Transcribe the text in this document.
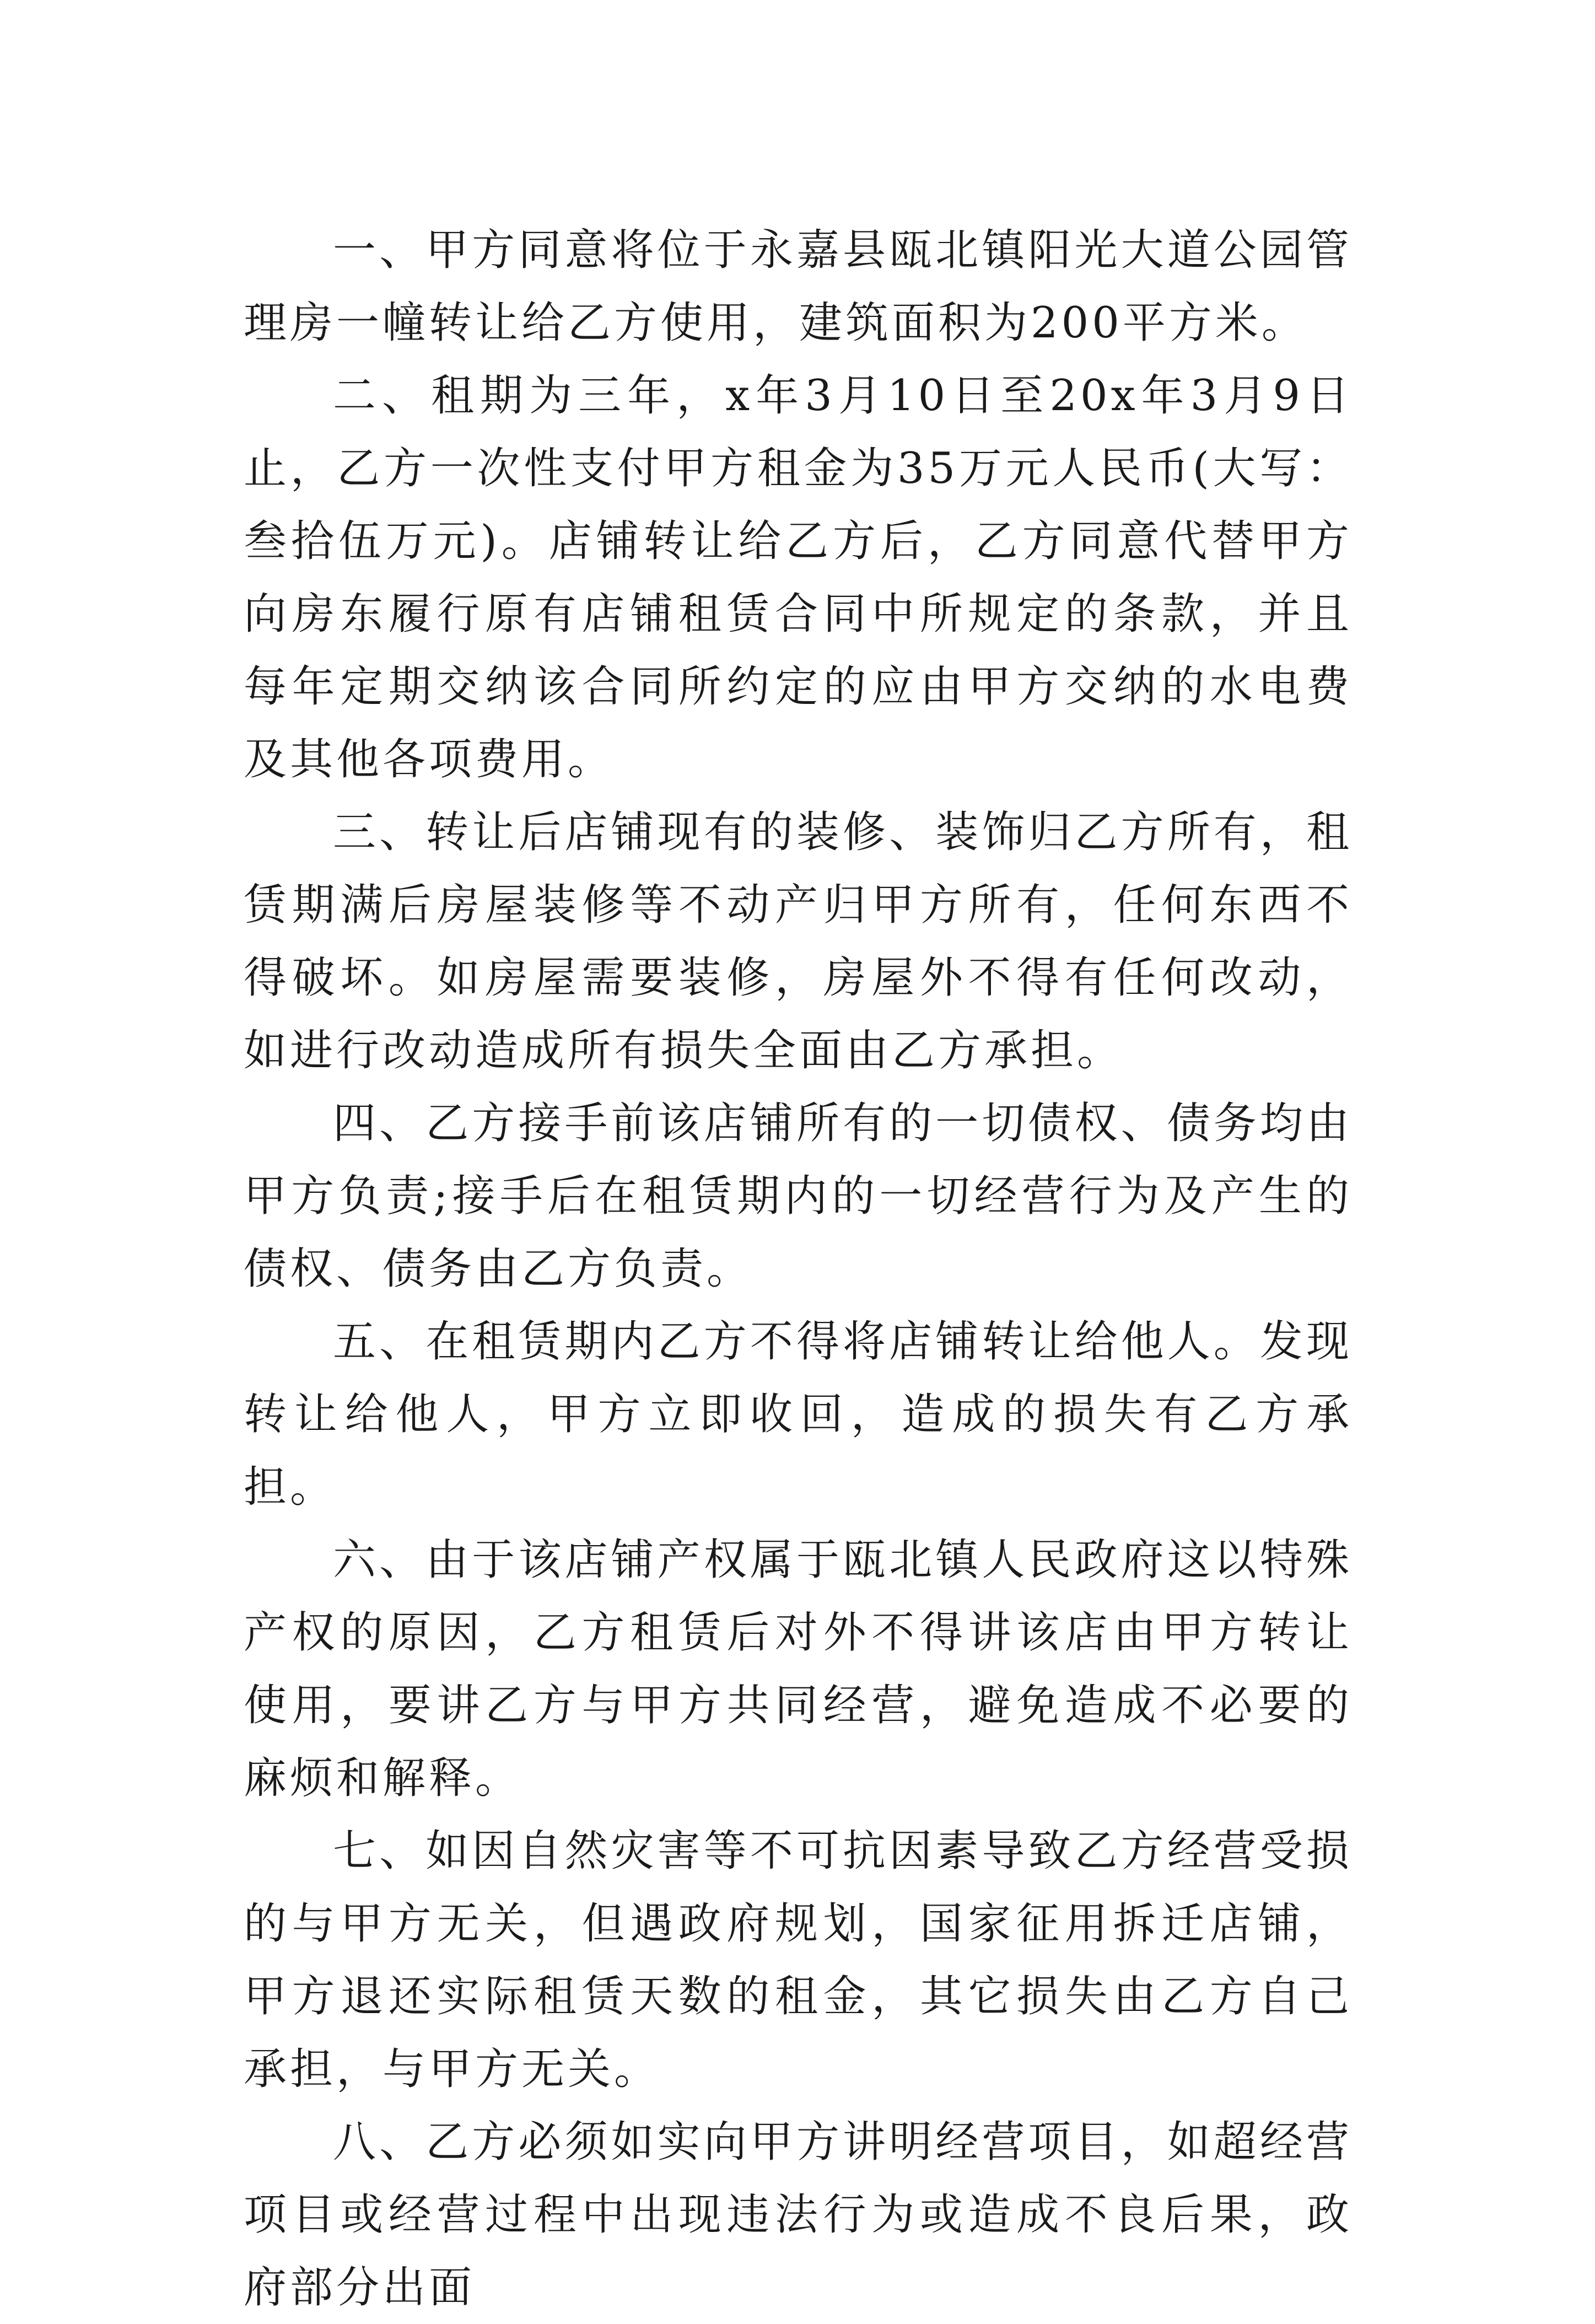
一、甲方同意将位于永嘉县瓯北镇阳光大道公园管理房一幢转让给乙方使用，建筑面积为200平方米。

二、租期为三年，x年3月10日至20x年3月9日止，乙方一次性支付甲方租金为35万元人民币(大写：叁拾伍万元)。店铺转让给乙方后，乙方同意代替甲方向房东履行原有店铺租赁合同中所规定的条款，并且每年定期交纳该合同所约定的应由甲方交纳的水电费及其他各项费用。

三、转让后店铺现有的装修、装饰归乙方所有，租赁期满后房屋装修等不动产归甲方所有，任何东西不得破坏。如房屋需要装修，房屋外不得有任何改动，如进行改动造成所有损失全面由乙方承担。

四、乙方接手前该店铺所有的一切债权、债务均由甲方负责;接手后在租赁期内的一切经营行为及产生的债权、债务由乙方负责。

五、在租赁期内乙方不得将店铺转让给他人。发现转让给他人，甲方立即收回，造成的损失有乙方承担。

六、由于该店铺产权属于瓯北镇人民政府这以特殊产权的原因，乙方租赁后对外不得讲该店由甲方转让使用，要讲乙方与甲方共同经营，避免造成不必要的麻烦和解释。

七、如因自然灾害等不可抗因素导致乙方经营受损的与甲方无关，但遇政府规划，国家征用拆迁店铺，甲方退还实际租赁天数的租金，其它损失由乙方自己承担，与甲方无关。

八、乙方必须如实向甲方讲明经营项目，如超经营项目或经营过程中出现违法行为或造成不良后果，政府部分出面
